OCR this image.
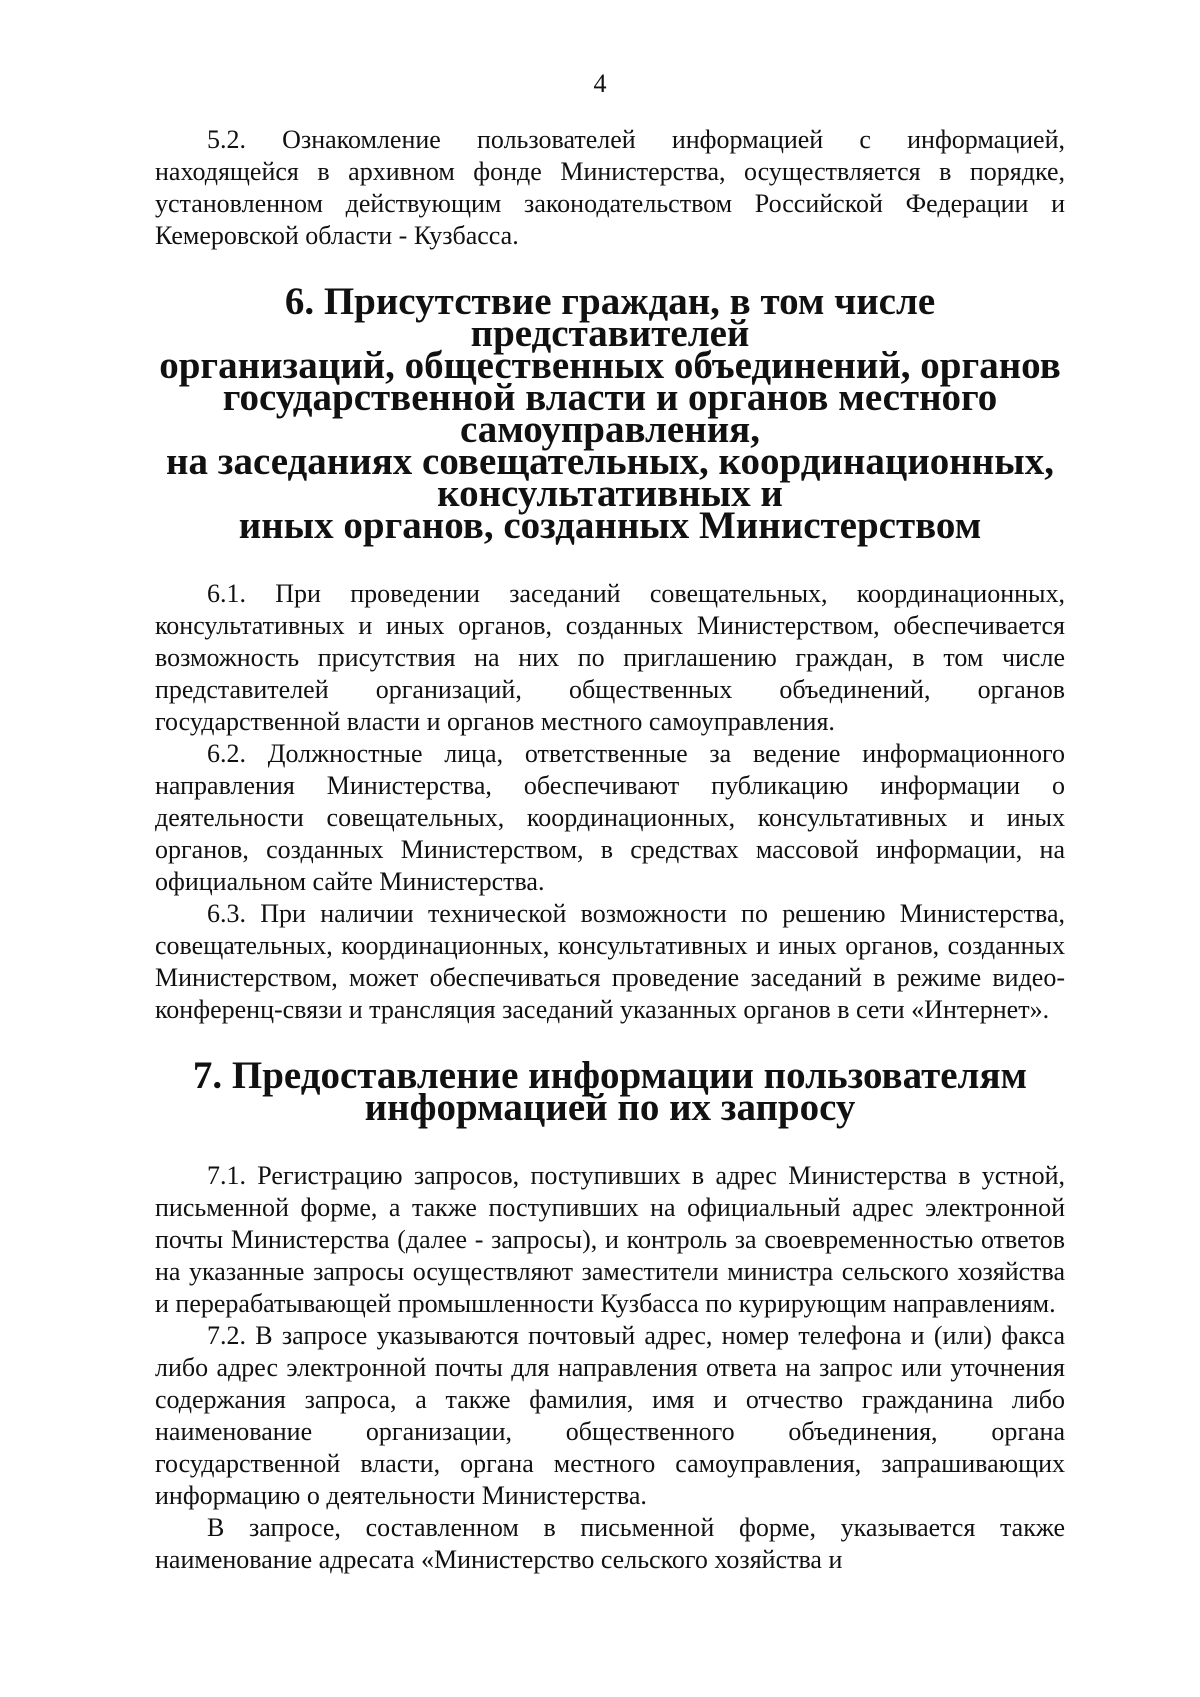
4

5.2. Ознакомление пользователей информацией с информацией, находящейся в архивном фонде Министерства, осуществляется в порядке, установленном действующим законодательством Российской Федерации и Кемеровской области - Кузбасса.

6. Присутствие граждан, в том числе представителей
организаций, общественных объединений, органов
государственной власти и органов местного самоуправления,
на заседаниях совещательных, координационных, консультативных и
иных органов, созданных Министерством

6.1. При проведении заседаний совещательных, координационных, консультативных и иных органов, созданных Министерством, обеспечивается возможность присутствия на них по приглашению граждан, в том числе представителей организаций, общественных объединений, органов государственной власти и органов местного самоуправления.

6.2. Должностные лица, ответственные за ведение информационного направления Министерства, обеспечивают публикацию информации о деятельности совещательных, координационных, консультативных и иных органов, созданных Министерством, в средствах массовой информации, на официальном сайте Министерства.

6.3. При наличии технической возможности по решению Министерства, совещательных, координационных, консультативных и иных органов, созданных Министерством, может обеспечиваться проведение заседаний в режиме видео-конференц-связи и трансляция заседаний указанных органов в сети «Интернет».

7. Предоставление информации пользователям
информацией по их запросу

7.1. Регистрацию запросов, поступивших в адрес Министерства в устной, письменной форме, а также поступивших на официальный адрес электронной почты Министерства (далее - запросы), и контроль за своевременностью ответов на указанные запросы осуществляют заместители министра сельского хозяйства и перерабатывающей промышленности Кузбасса по курирующим направлениям.

7.2. В запросе указываются почтовый адрес, номер телефона и (или) факса либо адрес электронной почты для направления ответа на запрос или уточнения содержания запроса, а также фамилия, имя и отчество гражданина либо наименование организации, общественного объединения, органа государственной власти, органа местного самоуправления, запрашивающих информацию о деятельности Министерства.

В запросе, составленном в письменной форме, указывается также наименование адресата «Министерство сельского хозяйства и
